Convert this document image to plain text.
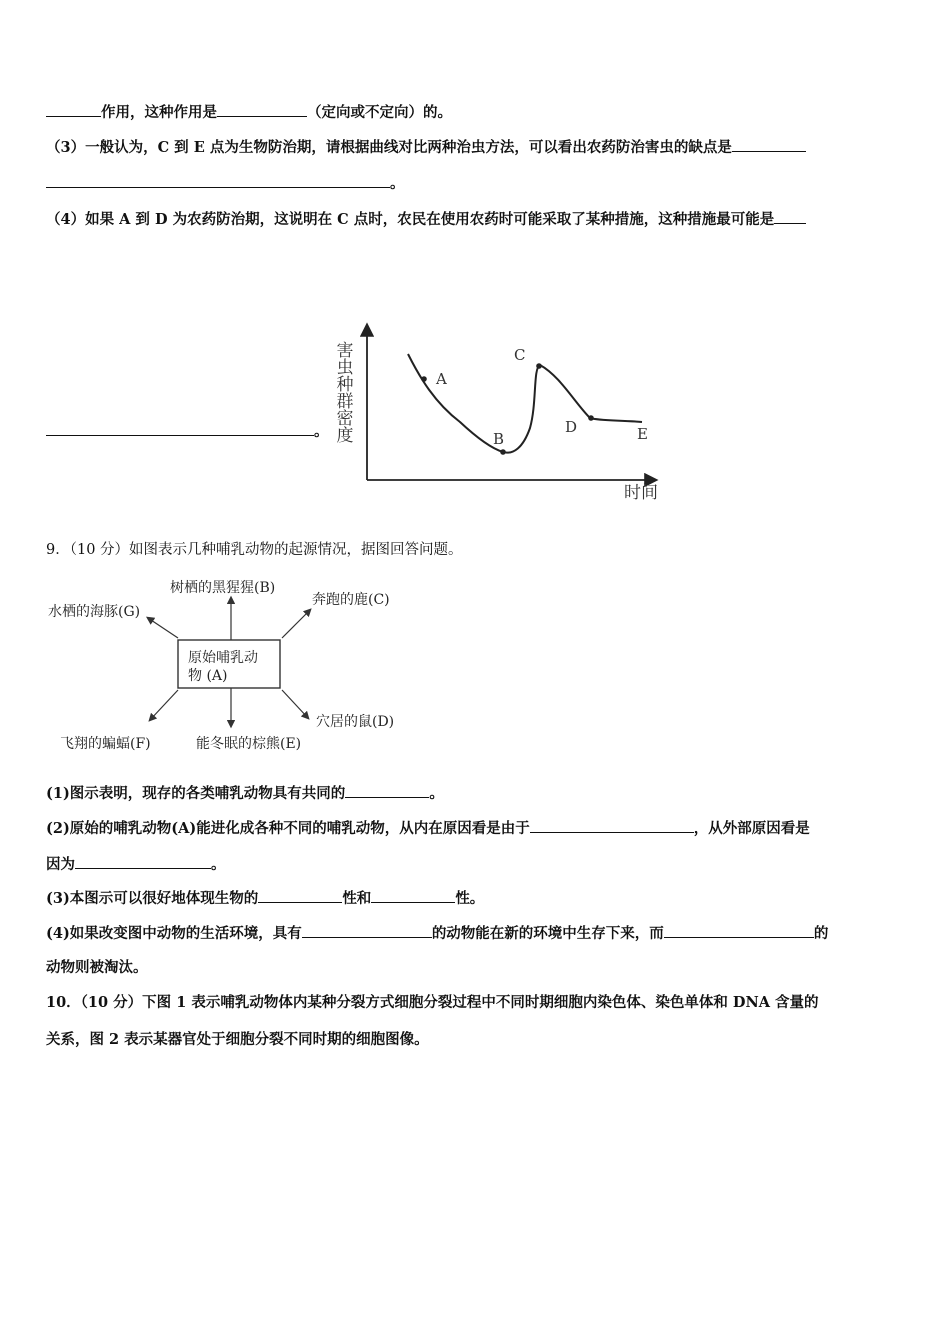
作用，这种作用是	（定向或不定向）的。
（3）一般认为，C 到 E 点为生物防治期，请根据曲线对比两种治虫方法，可以看出农药防治害虫的缺点是
。
（4）如果 A 到 D 为农药防治期，这说明在 C 点时，农民在使用农药时可能采取了某种措施，这种措施最可能是
。
害虫种群密度
时间
A
B
C
D	E
9．（10 分）如图表示几种哺乳动物的起源情况，据图回答问题。
原始哺乳动
物 (A)
树栖的黑猩猩(B)
奔跑的鹿(C)
水栖的海豚(G)
穴居的鼠(D)
能冬眠的棕熊(E)
飞翔的蝙蝠(F)
(1)图示表明，现存的各类哺乳动物具有共同的	。
(2)原始的哺乳动物(A)能进化成各种不同的哺乳动物，从内在原因看是由于	，从外部原因看是
因为	。
(3)本图示可以很好地体现生物的	性和	性。
(4)如果改变图中动物的生活环境，具有	的动物能在新的环境中生存下来，而	的
动物则被淘汰。
10．（10 分）下图 1 表示哺乳动物体内某种分裂方式细胞分裂过程中不同时期细胞内染色体、染色单体和 DNA 含量的
关系，图 2 表示某器官处于细胞分裂不同时期的细胞图像。
